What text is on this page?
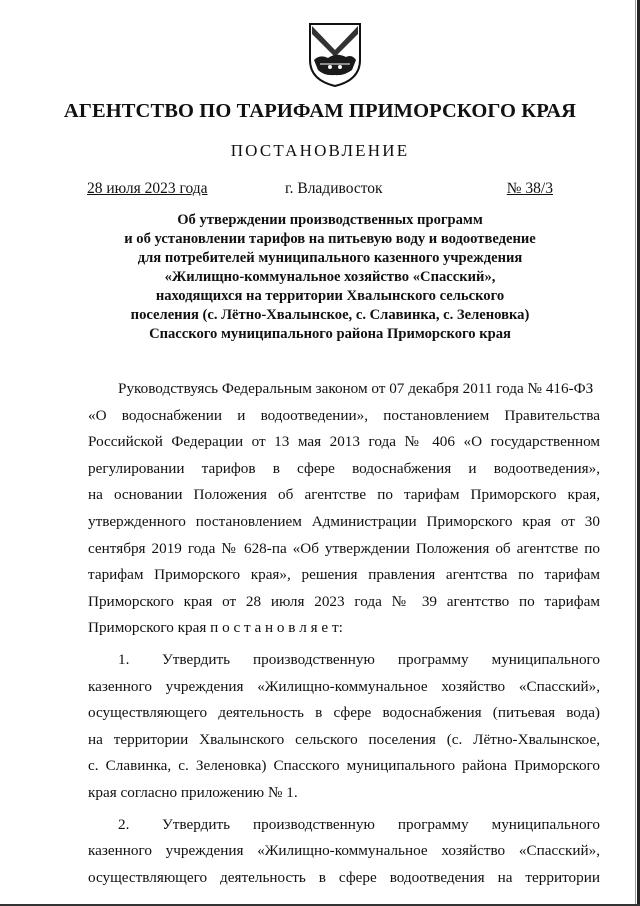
АГЕНТСТВО ПО ТАРИФАМ ПРИМОРСКОГО КРАЯ
ПОСТАНОВЛЕНИЕ
28 июля 2023 года	г. Владивосток	№ 38/3
Об утверждении производственных программ
и об установлении тарифов на питьевую воду и водоотведение
для потребителей муниципального казенного учреждения
«Жилищно-коммунальное хозяйство «Спасский»,
находящихся на территории Хвалынского сельского
поселения (с. Лётно-Хвалынское, с. Славинка, с. Зеленовка)
Спасского муниципального района Приморского края
Руководствуясь Федеральным законом от 07 декабря 2011 года № 416-ФЗ
«О водоснабжении и водоотведении», постановлением Правительства
Российской Федерации от 13 мая 2013 года № 406 «О государственном
регулировании тарифов в сфере водоснабжения и водоотведения»,
на основании Положения об агентстве по тарифам Приморского края,
утвержденного постановлением Администрации Приморского края от 30
сентября 2019 года № 628-па «Об утверждении Положения об агентстве по
тарифам Приморского края», решения правления агентства по тарифам
Приморского края от 28 июля 2023 года № 39 агентство по тарифам
Приморского края п о с т а н о в л я е т:
1. Утвердить производственную программу муниципального
казенного учреждения «Жилищно-коммунальное хозяйство «Спасский»,
осуществляющего деятельность в сфере водоснабжения (питьевая вода)
на территории Хвалынского сельского поселения (с. Лётно-Хвалынское,
с. Славинка, с. Зеленовка) Спасского муниципального района Приморского
края согласно приложению № 1.
2. Утвердить производственную программу муниципального
казенного учреждения «Жилищно-коммунальное хозяйство «Спасский»,
осуществляющего деятельность в сфере водоотведения на территории
